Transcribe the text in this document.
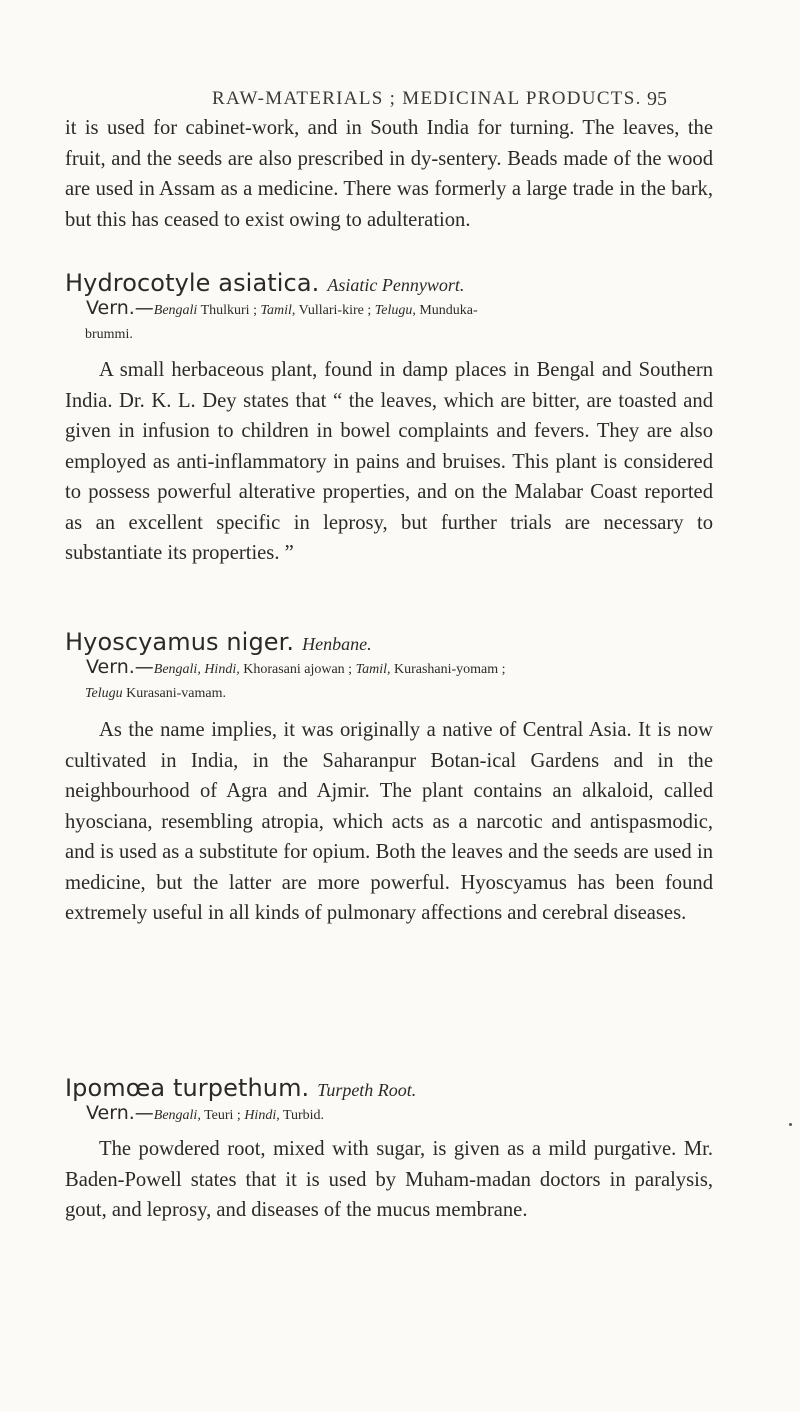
RAW-MATERIALS ; MEDICINAL PRODUCTS. 95

it is used for cabinet-work, and in South India for turning. The leaves, the fruit, and the seeds are also prescribed in dy-sentery. Beads made of the wood are used in Assam as a medicine. There was formerly a large trade in the bark, but this has ceased to exist owing to adulteration.

Hydrocotyle asiatica. Asiatic Pennywort.
Vern.—Bengali Thulkuri ; Tamil, Vullari-kire ; Telugu, Munduka-
brummi.

A small herbaceous plant, found in damp places in Bengal and Southern India. Dr. K. L. Dey states that “ the leaves, which are bitter, are toasted and given in infusion to children in bowel complaints and fevers. They are also employed as anti-inflammatory in pains and bruises. This plant is considered to possess powerful alterative properties, and on the Malabar Coast reported as an excellent specific in leprosy, but further trials are necessary to substantiate its properties. ”

Hyoscyamus niger. Henbane.
Vern.—Bengali, Hindi, Khorasani ajowan ; Tamil, Kurashani-yomam ;
Telugu Kurasani-vamam.

As the name implies, it was originally a native of Central Asia. It is now cultivated in India, in the Saharanpur Botan-ical Gardens and in the neighbourhood of Agra and Ajmir. The plant contains an alkaloid, called hyosciana, resembling atropia, which acts as a narcotic and antispasmodic, and is used as a substitute for opium. Both the leaves and the seeds are used in medicine, but the latter are more powerful. Hyoscyamus has been found extremely useful in all kinds of pulmonary affections and cerebral diseases.

Ipomœa turpethum. Turpeth Root.
Vern.—Bengali, Teuri ; Hindi, Turbid.

The powdered root, mixed with sugar, is given as a mild purgative. Mr. Baden-Powell states that it is used by Muham-madan doctors in paralysis, gout, and leprosy, and diseases of the mucus membrane.
